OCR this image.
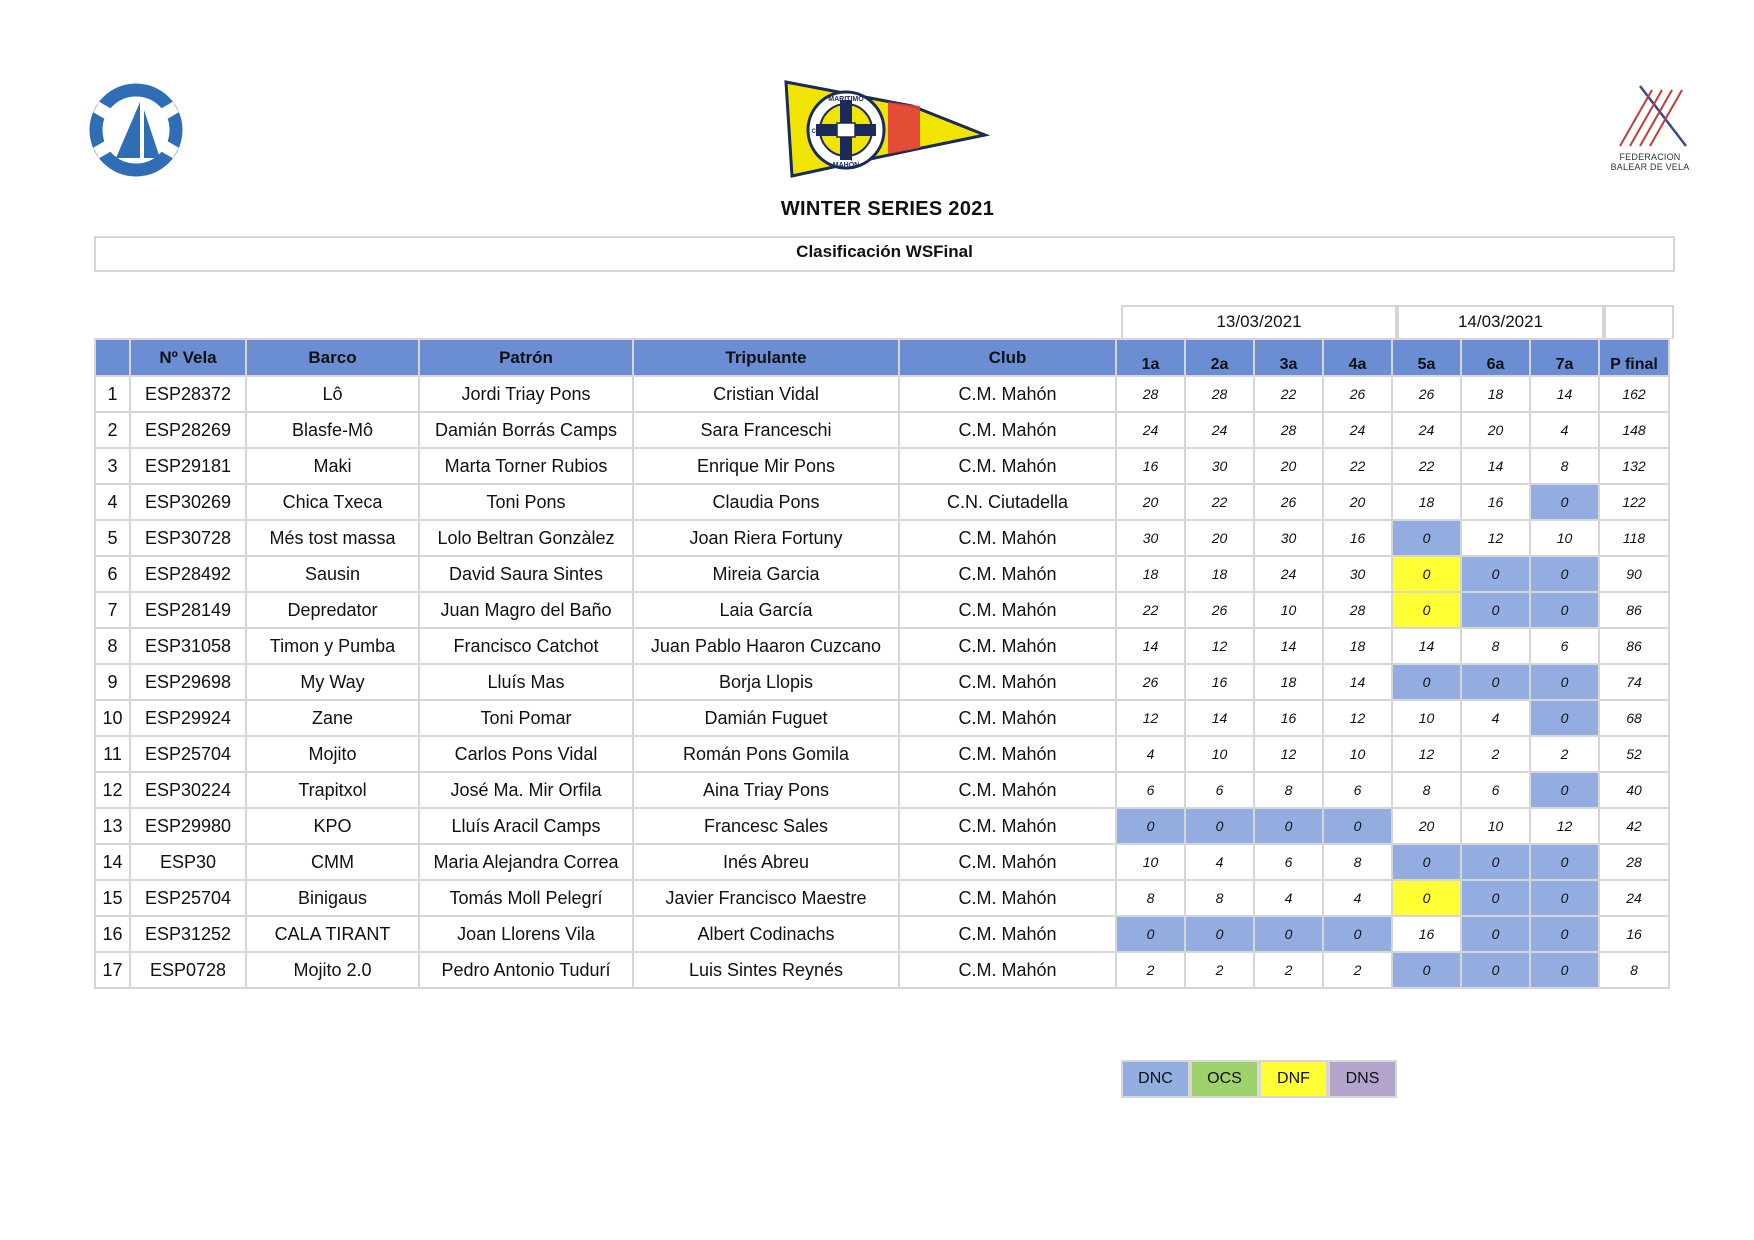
MARITIMO
CLUB
MAHÓN
FEDERACION
BALEAR DE VELA
WINTER SERIES 2021
Clasificación WSFinal
13/03/2021	14/03/2021
	Nº Vela	Barco	Patrón	Tripulante	Club	1a	2a	3a	4a	5a	6a	7a	P final
1	ESP28372	Lô	Jordi Triay Pons	Cristian Vidal	C.M. Mahón	28	28	22	26	26	18	14	162
2	ESP28269	Blasfe-Mô	Damián Borrás Camps	Sara Franceschi	C.M. Mahón	24	24	28	24	24	20	4	148
3	ESP29181	Maki	Marta Torner Rubios	Enrique Mir Pons	C.M. Mahón	16	30	20	22	22	14	8	132
4	ESP30269	Chica Txeca	Toni Pons	Claudia Pons	C.N. Ciutadella	20	22	26	20	18	16	0	122
5	ESP30728	Més tost massa	Lolo Beltran Gonzàlez	Joan Riera Fortuny	C.M. Mahón	30	20	30	16	0	12	10	118
6	ESP28492	Sausin	David Saura Sintes	Mireia Garcia	C.M. Mahón	18	18	24	30	0	0	0	90
7	ESP28149	Depredator	Juan Magro del Baño	Laia García	C.M. Mahón	22	26	10	28	0	0	0	86
8	ESP31058	Timon y Pumba	Francisco Catchot	Juan Pablo Haaron Cuzcano	C.M. Mahón	14	12	14	18	14	8	6	86
9	ESP29698	My Way	Lluís Mas	Borja Llopis	C.M. Mahón	26	16	18	14	0	0	0	74
10	ESP29924	Zane	Toni Pomar	Damián Fuguet	C.M. Mahón	12	14	16	12	10	4	0	68
11	ESP25704	Mojito	Carlos Pons Vidal	Román Pons Gomila	C.M. Mahón	4	10	12	10	12	2	2	52
12	ESP30224	Trapitxol	José Ma. Mir Orfila	Aina Triay Pons	C.M. Mahón	6	6	8	6	8	6	0	40
13	ESP29980	KPO	Lluís Aracil Camps	Francesc Sales	C.M. Mahón	0	0	0	0	20	10	12	42
14	ESP30	CMM	Maria Alejandra Correa	Inés Abreu	C.M. Mahón	10	4	6	8	0	0	0	28
15	ESP25704	Binigaus	Tomás Moll Pelegrí	Javier Francisco Maestre	C.M. Mahón	8	8	4	4	0	0	0	24
16	ESP31252	CALA TIRANT	Joan Llorens Vila	Albert Codinachs	C.M. Mahón	0	0	0	0	16	0	0	16
17	ESP0728	Mojito 2.0	Pedro Antonio Tudurí	Luis Sintes Reynés	C.M. Mahón	2	2	2	2	0	0	0	8
DNC	OCS	DNF	DNS
